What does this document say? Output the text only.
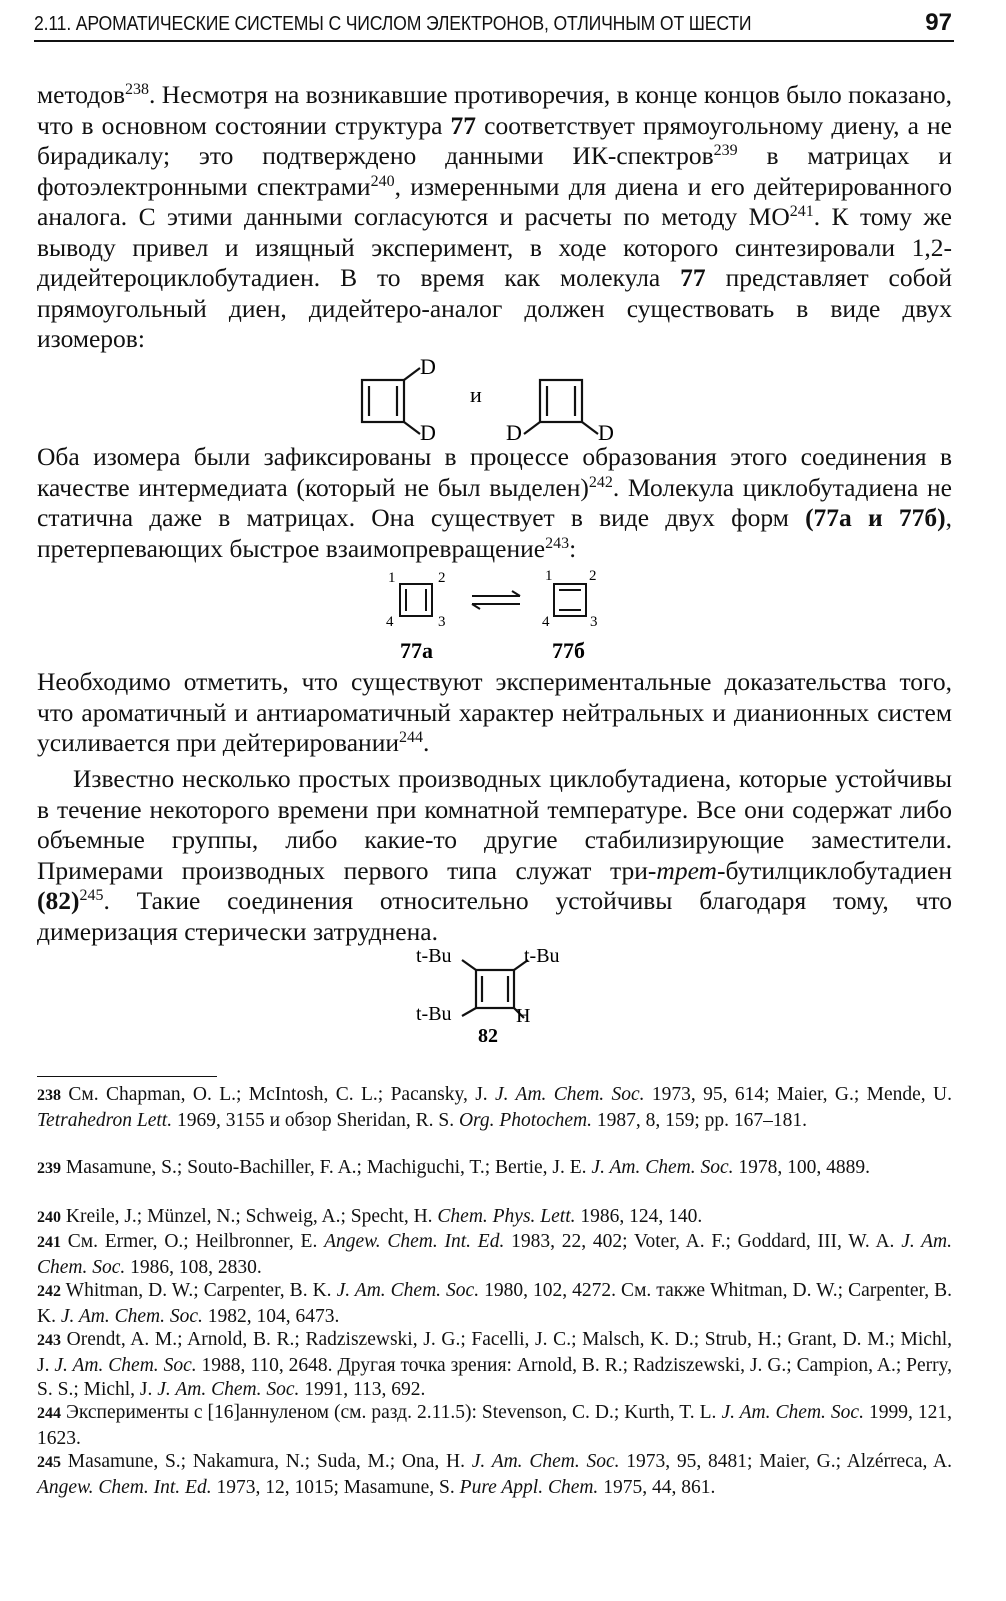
2.11. АРОМАТИЧЕСКИЕ СИСТЕМЫ С ЧИСЛОМ ЭЛЕКТРОНОВ, ОТЛИЧНЫМ ОТ ШЕСТИ	97

методов$^{238}$. Несмотря на возникавшие противоречия, в конце концов было показано, что в основном состоянии структура 77 соответствует прямоугольному диену, а не бирадикалу; это подтверждено данными ИК-спектров$^{239}$ в матрицах и фотоэлектронными спектрами$^{240}$, измеренными для диена и его дейтерированного аналога. С этими данными согласуются и расчеты по методу МО$^{241}$. К тому же выводу привел и изящный эксперимент, в ходе которого синтезировали 1,2-дидейтероциклобутадиен. В то время как молекула 77 представляет собой прямоугольный диен, дидейтеро-аналог должен существовать в виде двух изомеров:

D
D
и
D	D

Оба изомера были зафиксированы в процессе образования этого соединения в качестве интермедиата (который не был выделен)$^{242}$. Молекула циклобутадиена не статична даже в матрицах. Она существует в виде двух форм (77а и 77б), претерпевающих быстрое взаимопревращение$^{243}$:

1	2
3
4
1 2
3
4
77а	77б

Необходимо отметить, что существуют экспериментальные доказательства того, что ароматичный и антиароматичный характер нейтральных и дианионных систем усиливается при дейтерировании$^{244}$.

Известно несколько простых производных циклобутадиена, которые устойчивы в течение некоторого времени при комнатной температуре. Все они содержат либо объемные группы, либо какие-то другие стабилизирующие заместители. Примерами производных первого типа служат три-трет-бутилциклобутадиен $(82)^{245}$. Такие соединения относительно устойчивы благодаря тому, что димеризация стерически затруднена.

t-Bu	t-Bu
t-Bu	H
82

238 См. Chapman, O. L.; McIntosh, C. L.; Pacansky, J. J. Am. Chem. Soc. 1973, 95, 614; Maier, G.; Mende, U. Tetrahedron Lett. 1969, 3155 и обзор Sheridan, R. S. Org. Photochem. 1987, 8, 159; pp. 167–181.

239 Masamune, S.; Souto-Bachiller, F. A.; Machiguchi, T.; Bertie, J. E. J. Am. Chem. Soc. 1978, 100, 4889.

240 Kreile, J.; Münzel, N.; Schweig, A.; Specht, H. Chem. Phys. Lett. 1986, 124, 140.

241 См. Ermer, O.; Heilbronner, E. Angew. Chem. Int. Ed. 1983, 22, 402; Voter, A. F.; Goddard, III, W. A. J. Am. Chem. Soc. 1986, 108, 2830.

242 Whitman, D. W.; Carpenter, B. K. J. Am. Chem. Soc. 1980, 102, 4272. См. также Whitman, D. W.; Carpenter, B. K. J. Am. Chem. Soc. 1982, 104, 6473.

243 Orendt, A. M.; Arnold, B. R.; Radziszewski, J. G.; Facelli, J. C.; Malsch, K. D.; Strub, H.; Grant, D. M.; Michl, J. J. Am. Chem. Soc. 1988, 110, 2648. Другая точка зрения: Arnold, B. R.; Radziszewski, J. G.; Campion, A.; Perry, S. S.; Michl, J. J. Am. Chem. Soc. 1991, 113, 692.

244 Эксперименты с [16]аннуленом (см. разд. 2.11.5): Stevenson, C. D.; Kurth, T. L. J. Am. Chem. Soc. 1999, 121, 1623.

245 Masamune, S.; Nakamura, N.; Suda, M.; Ona, H. J. Am. Chem. Soc. 1973, 95, 8481; Maier, G.; Alzérreca, A. Angew. Chem. Int. Ed. 1973, 12, 1015; Masamune, S. Pure Appl. Chem. 1975, 44, 861.
